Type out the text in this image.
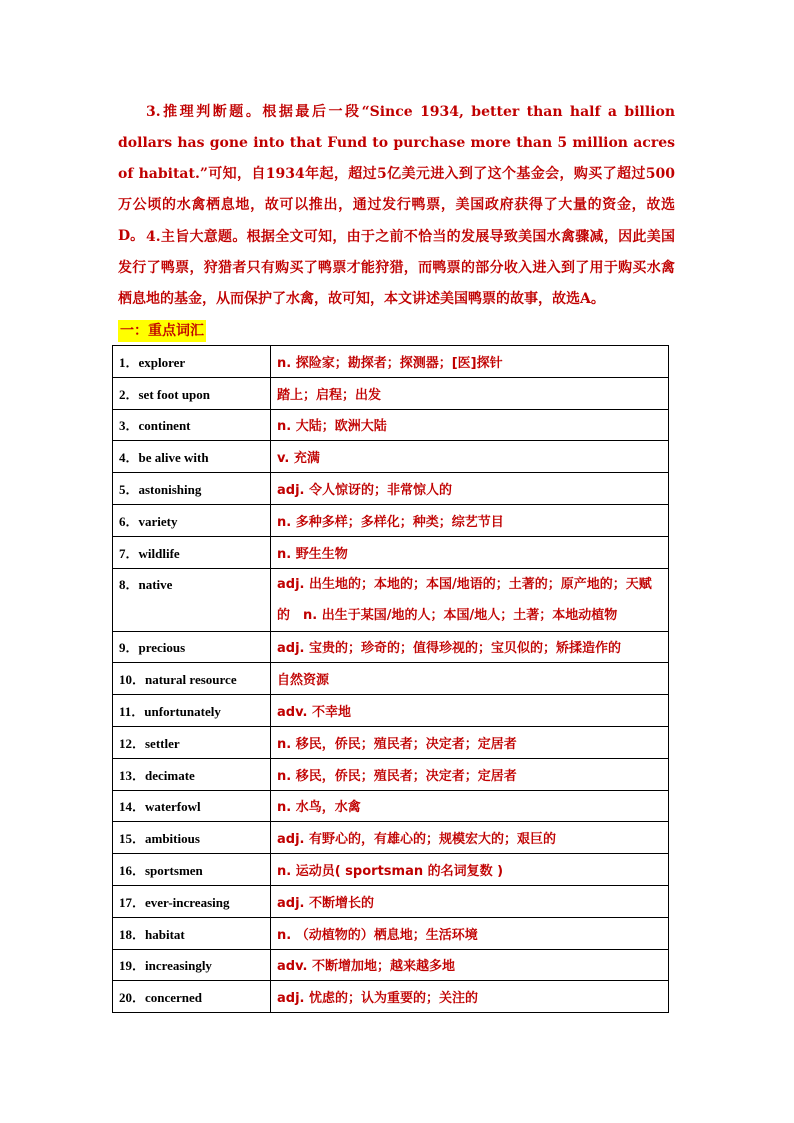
3.推理判断题。根据最后一段“Since 1934, better than half a billion dollars has gone into that Fund to purchase more than 5 million acres of habitat.”可知，自1934年起，超过5亿美元进入到了这个基金会，购买了超过500万公顷的水禽栖息地，故可以推出，通过发行鸭票，美国政府获得了大量的资金，故选D。 4.主旨大意题。根据全文可知，由于之前不恰当的发展导致美国水禽骤减，因此美国发行了鸭票，狩猎者只有购买了鸭票才能狩猎，而鸭票的部分收入进入到了用于购买水禽栖息地的基金，从而保护了水禽，故可知，本文讲述美国鸭票的故事，故选A。

一：重点词汇
1．explorer	n. 探险家；勘探者；探测器；[医]探针
2．set foot upon	踏上；启程；出发
3．continent	n. 大陆；欧洲大陆
4．be alive with	v. 充满
5．astonishing	adj. 令人惊讶的；非常惊人的
6．variety	n. 多种多样；多样化；种类；综艺节目
7．wildlife	n. 野生生物
8．native	adj. 出生地的；本地的；本国/地语的；土著的；原产地的；天赋的　n. 出生于某国/地的人；本国/地人；土著；本地动植物
9．precious	adj. 宝贵的；珍奇的；值得珍视的；宝贝似的；矫揉造作的
10．natural resource	自然资源
11．unfortunately	adv. 不幸地
12．settler	n. 移民，侨民；殖民者；决定者；定居者
13．decimate	n. 移民，侨民；殖民者；决定者；定居者
14．waterfowl	n. 水鸟，水禽
15．ambitious	adj. 有野心的，有雄心的；规模宏大的；艰巨的
16．sportsmen	n. 运动员( sportsman 的名词复数 )
17．ever-increasing	adj. 不断增长的
18．habitat	n. （动植物的）栖息地；生活环境
19．increasingly	adv. 不断增加地；越来越多地
20．concerned	adj. 忧虑的；认为重要的；关注的
